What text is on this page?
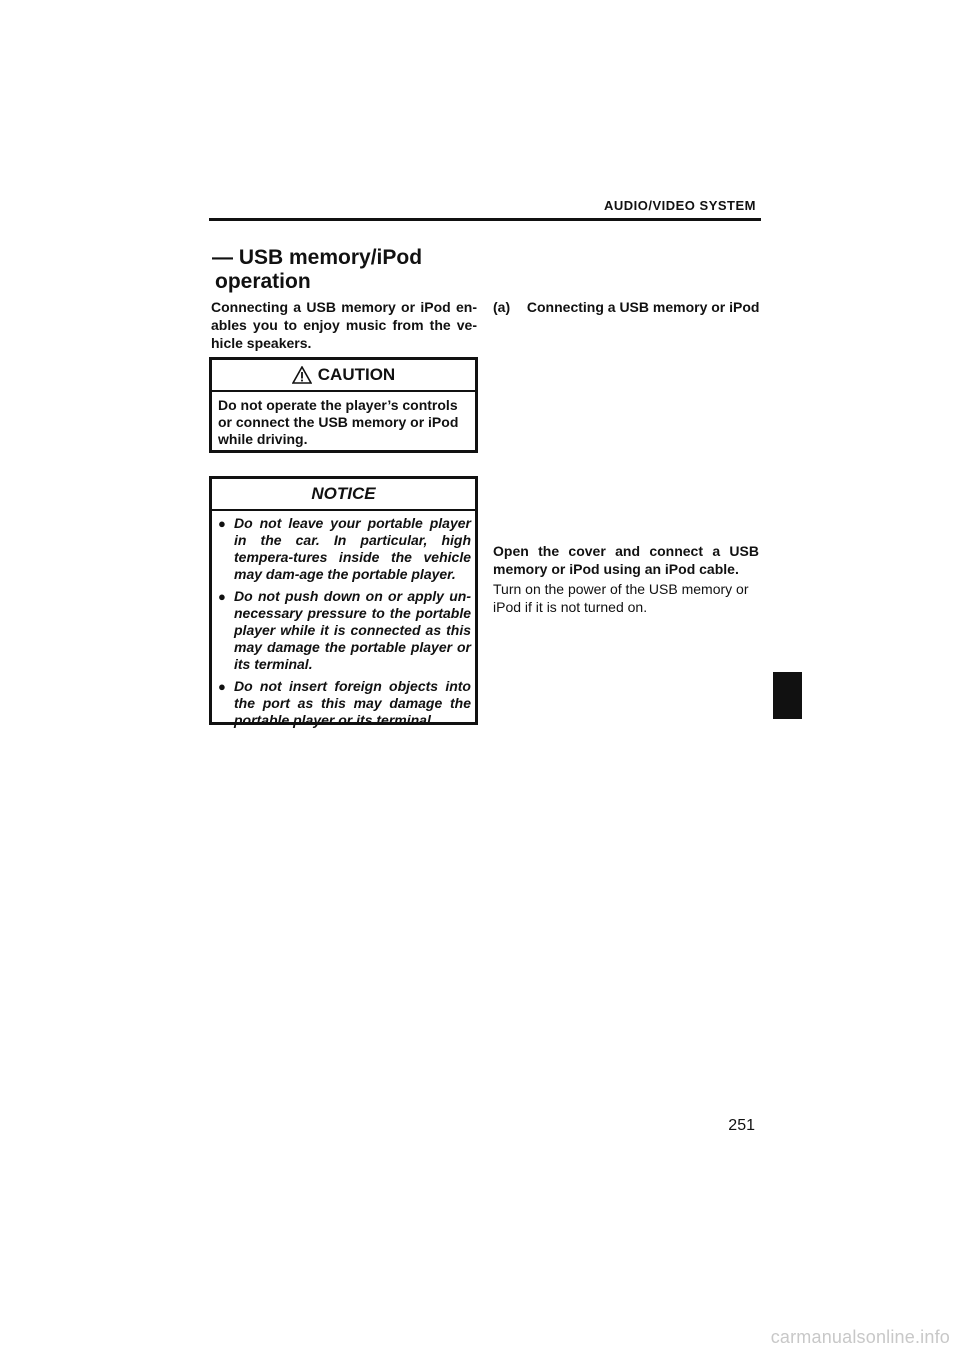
AUDIO/VIDEO SYSTEM
— USB memory/iPod
operation
Connecting a USB memory or iPod en-ables you to enjoy music from the ve-hicle speakers.
CAUTION
Do not operate the player’s controls or connect the USB memory or iPod while driving.
NOTICE
● Do not leave your portable player in the car. In particular, high tempera-tures inside the vehicle may dam-age the portable player.
● Do not push down on or apply un-necessary pressure to the portable player while it is connected as this may damage the portable player or its terminal.
● Do not insert foreign objects into the port as this may damage the portable player or its terminal.
(a) Connecting a USB memory or iPod
Open the cover and connect a USB memory or iPod using an iPod cable.
Turn on the power of the USB memory or iPod if it is not turned on.
251
carmanualsonline.info
